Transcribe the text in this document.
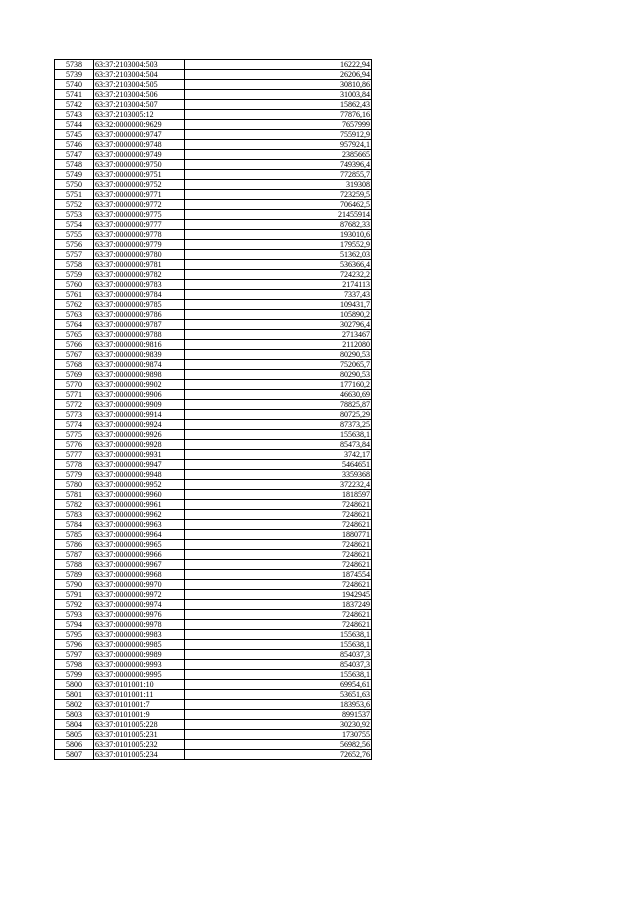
5738	63:37:2103004:503	16222,94
5739	63:37:2103004:504	26206,94
5740	63:37:2103004:505	30810,86
5741	63:37:2103004:506	31003,84
5742	63:37:2103004:507	15862,43
5743	63:37:2103005:12	77876,16
5744	63:32:0000000:9629	7657999
5745	63:37:0000000:9747	755912,9
5746	63:37:0000000:9748	957924,1
5747	63:37:0000000:9749	2385665
5748	63:37:0000000:9750	749396,4
5749	63:37:0000000:9751	772855,7
5750	63:37:0000000:9752	319308
5751	63:37:0000000:9771	723259,5
5752	63:37:0000000:9772	706462,5
5753	63:37:0000000:9775	21455914
5754	63:37:0000000:9777	87682,33
5755	63:37:0000000:9778	193010,6
5756	63:37:0000000:9779	179552,9
5757	63:37:0000000:9780	51362,03
5758	63:37:0000000:9781	536366,4
5759	63:37:0000000:9782	724232,2
5760	63:37:0000000:9783	2174113
5761	63:37:0000000:9784	7337,43
5762	63:37:0000000:9785	109431,7
5763	63:37:0000000:9786	105890,2
5764	63:37:0000000:9787	302796,4
5765	63:37:0000000:9788	2713467
5766	63:37:0000000:9816	2112080
5767	63:37:0000000:9839	80290,53
5768	63:37:0000000:9874	752065,7
5769	63:37:0000000:9898	80290,53
5770	63:37:0000000:9902	177160,2
5771	63:37:0000000:9906	46630,69
5772	63:37:0000000:9909	78825,87
5773	63:37:0000000:9914	80725,29
5774	63:37:0000000:9924	87373,25
5775	63:37:0000000:9926	155638,1
5776	63:37:0000000:9928	85473,84
5777	63:37:0000000:9931	3742,17
5778	63:37:0000000:9947	5464651
5779	63:37:0000000:9948	3359368
5780	63:37:0000000:9952	372232,4
5781	63:37:0000000:9960	1818597
5782	63:37:0000000:9961	7248621
5783	63:37:0000000:9962	7248621
5784	63:37:0000000:9963	7248621
5785	63:37:0000000:9964	1880771
5786	63:37:0000000:9965	7248621
5787	63:37:0000000:9966	7248621
5788	63:37:0000000:9967	7248621
5789	63:37:0000000:9968	1874554
5790	63:37:0000000:9970	7248621
5791	63:37:0000000:9972	1942945
5792	63:37:0000000:9974	1837249
5793	63:37:0000000:9976	7248621
5794	63:37:0000000:9978	7248621
5795	63:37:0000000:9983	155638,1
5796	63:37:0000000:9985	155638,1
5797	63:37:0000000:9989	854037,3
5798	63:37:0000000:9993	854037,3
5799	63:37:0000000:9995	155638,1
5800	63:37:0101001:10	69954,61
5801	63:37:0101001:11	53651,63
5802	63:37:0101001:7	183953,6
5803	63:37:0101001:9	8991537
5804	63:37:0101005:228	30230,92
5805	63:37:0101005:231	1730755
5806	63:37:0101005:232	56982,56
5807	63:37:0101005:234	72652,76
